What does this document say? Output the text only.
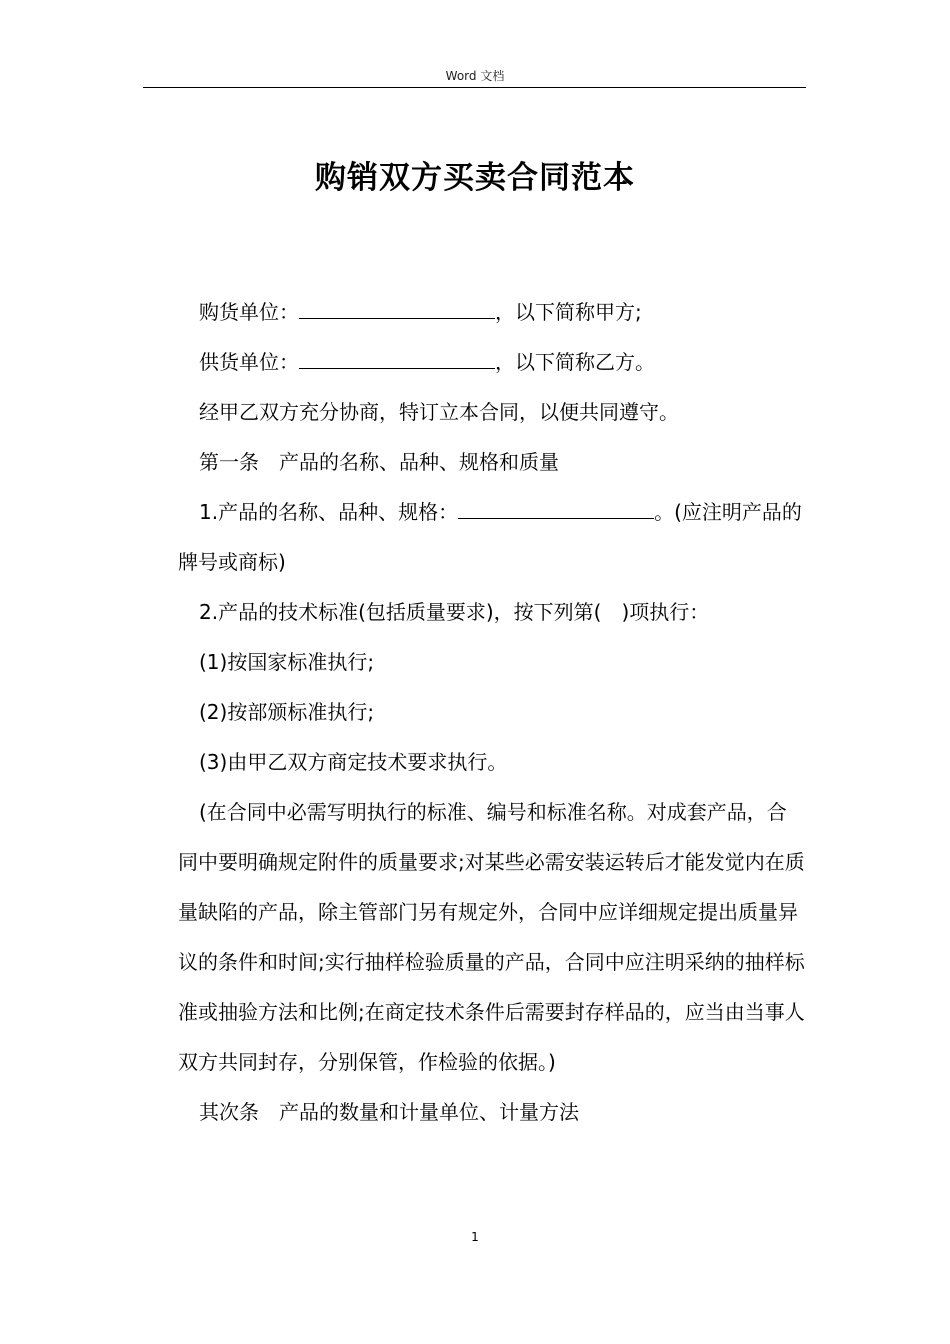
Word 文档
购销双方买卖合同范本

购货单位：	，以下简称甲方;

供货单位：	，以下简称乙方。

经甲乙双方充分协商，特订立本合同，以便共同遵守。

第一条　产品的名称、品种、规格和质量

1.产品的名称、品种、规格：	。(应注明产品的牌号或商标)

2.产品的技术标准(包括质量要求)，按下列第(　)项执行：

(1)按国家标准执行;

(2)按部颁标准执行;

(3)由甲乙双方商定技术要求执行。

(在合同中必需写明执行的标准、编号和标准名称。对成套产品，合同中要明确规定附件的质量要求;对某些必需安装运转后才能发觉内在质量缺陷的产品，除主管部门另有规定外，合同中应详细规定提出质量异议的条件和时间;实行抽样检验质量的产品，合同中应注明采纳的抽样标准或抽验方法和比例;在商定技术条件后需要封存样品的，应当由当事人双方共同封存，分别保管，作检验的依据。)

其次条　产品的数量和计量单位、计量方法

1
